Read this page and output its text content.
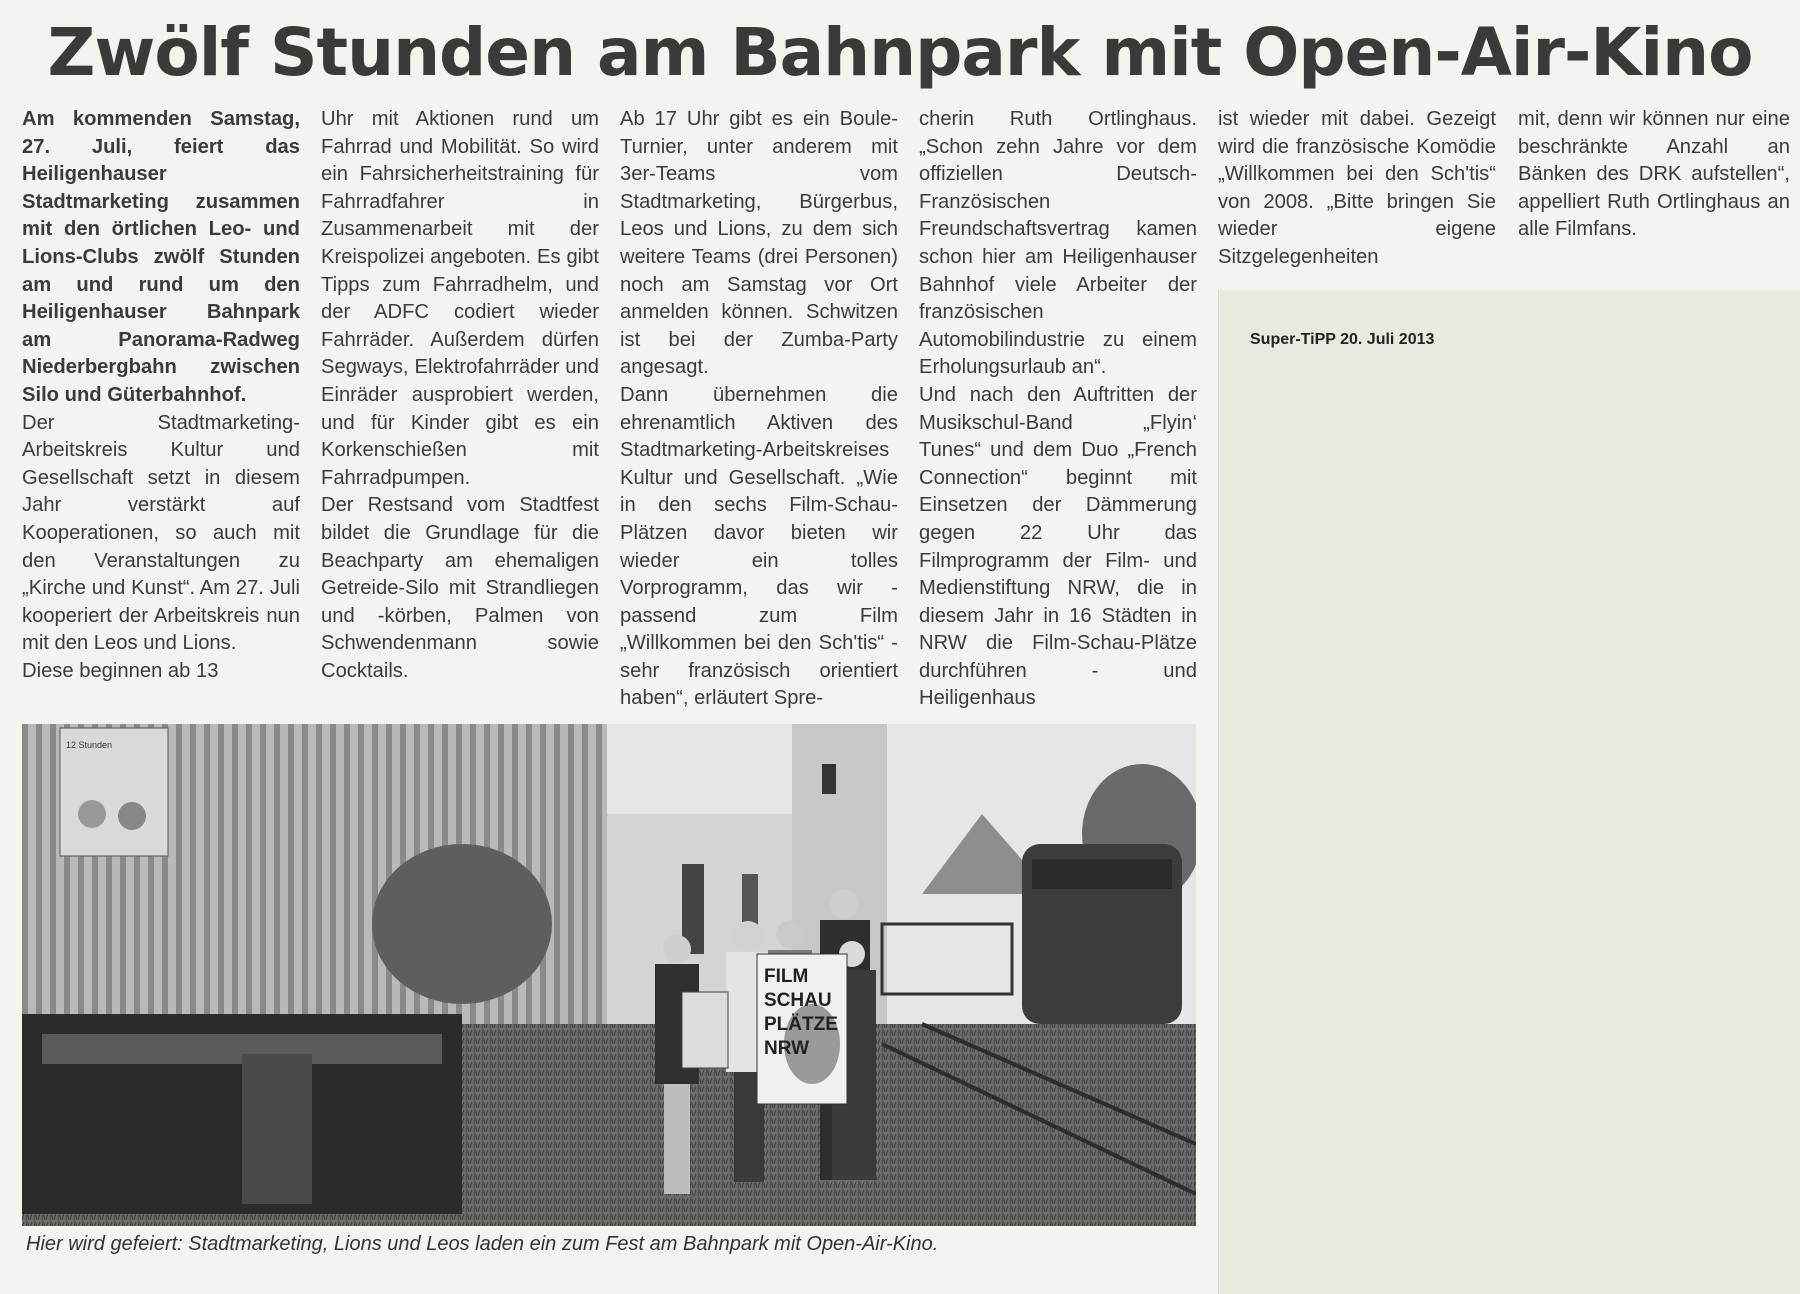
Zwölf Stunden am Bahnpark mit Open-Air-Kino

Am kommenden Samstag, 27. Juli, feiert das Heiligenhauser Stadtmarketing zusammen mit den örtlichen Leo- und Lions-Clubs zwölf Stunden am und rund um den Heiligenhauser Bahnpark am Panorama-Radweg Niederbergbahn zwischen Silo und Güterbahnhof.

Der Stadtmarketing-Arbeitskreis Kultur und Gesellschaft setzt in diesem Jahr verstärkt auf Kooperationen, so auch mit den Veranstaltungen zu „Kirche und Kunst“. Am 27. Juli kooperiert der Arbeitskreis nun mit den Leos und Lions.

Diese beginnen ab 13

Uhr mit Aktionen rund um Fahrrad und Mobilität. So wird ein Fahrsicherheitstraining für Fahrradfahrer in Zusammenarbeit mit der Kreispolizei angeboten. Es gibt Tipps zum Fahrradhelm, und der ADFC codiert wieder Fahrräder. Außerdem dürfen Segways, Elektrofahrräder und Einräder ausprobiert werden, und für Kinder gibt es ein Korkenschießen mit Fahrradpumpen.

Der Restsand vom Stadtfest bildet die Grundlage für die Beachparty am ehemaligen Getreide-Silo mit Strandliegen und -körben, Palmen von Schwendenmann sowie Cocktails.

Ab 17 Uhr gibt es ein Boule-Turnier, unter anderem mit 3er-Teams vom Stadtmarketing, Bürgerbus, Leos und Lions, zu dem sich weitere Teams (drei Personen) noch am Samstag vor Ort anmelden können. Schwitzen ist bei der Zumba-Party angesagt.

Dann übernehmen die ehrenamtlich Aktiven des Stadtmarketing-Arbeitskreises Kultur und Gesellschaft. „Wie in den sechs Film-Schau-Plätzen davor bieten wir wieder ein tolles Vorprogramm, das wir - passend zum Film „Willkommen bei den Sch'tis“ - sehr französisch orientiert haben“, erläutert Spre-

cherin Ruth Ortlinghaus. „Schon zehn Jahre vor dem offiziellen Deutsch-Französischen Freundschaftsvertrag kamen schon hier am Heiligenhauser Bahnhof viele Arbeiter der französischen Automobilindustrie zu einem Erholungsurlaub an“.

Und nach den Auftritten der Musikschul-Band „Flyin‘ Tunes“ und dem Duo „French Connection“ beginnt mit Einsetzen der Dämmerung gegen 22 Uhr das Filmprogramm der Film- und Medienstiftung NRW, die in diesem Jahr in 16 Städten in NRW die Film-Schau-Plätze durchführen - und Heiligenhaus

ist wieder mit dabei. Gezeigt wird die französische Komödie „Willkommen bei den Sch'tis“ von 2008. „Bitte bringen Sie wieder eigene Sitzgelegenheiten

mit, denn wir können nur eine beschränkte Anzahl an Bänken des DRK aufstellen“, appelliert Ruth Ortlinghaus an alle Filmfans.

Super-TiPP 20. Juli 2013
12 Stunden
FILM
SCHAU
PLÄTZE
NRW
Hier wird gefeiert: Stadtmarketing, Lions und Leos laden ein zum Fest am Bahnpark mit Open-Air-Kino.
